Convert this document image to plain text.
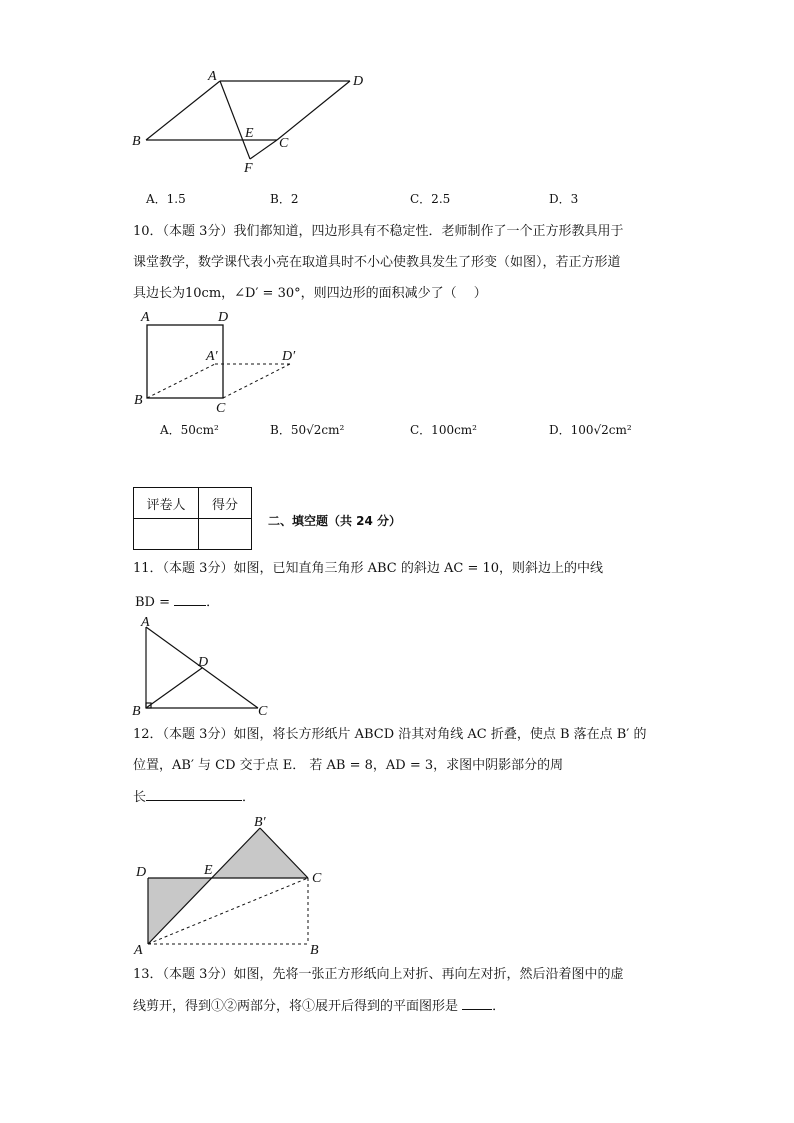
A	D
B
E
C
F
A．1.5	B．2	C．2.5	D．3
10．（本题 3分）我们都知道，四边形具有不稳定性．老师制作了一个正方形教具用于
课堂教学，数学课代表小亮在取道具时不小心使教具发生了形变（如图），若正方形道
具边长为10cm，∠D′ = 30°，则四边形的面积减少了（　 ）
A	D
A′	D′
B
C
A．50cm²	B．50√2cm²	C．100cm²	D．100√2cm²
评卷人	得分

二、填空题（共 24 分）
11．（本题 3分）如图，已知直角三角形 ABC 的斜边 AC = 10，则斜边上的中线
BD =	．
A
D
B	C
12．（本题 3分）如图，将长方形纸片 ABCD 沿其对角线 AC 折叠，使点 B 落在点 B′ 的
位置，AB′ 与 CD 交于点 E． 若 AB = 8，AD = 3，求图中阴影部分的周
长	．
B′
D	E
C
A	B
13．（本题 3分）如图，先将一张正方形纸向上对折、再向左对折，然后沿着图中的虚
线剪开，得到①②两部分，将①展开后得到的平面图形是	．
